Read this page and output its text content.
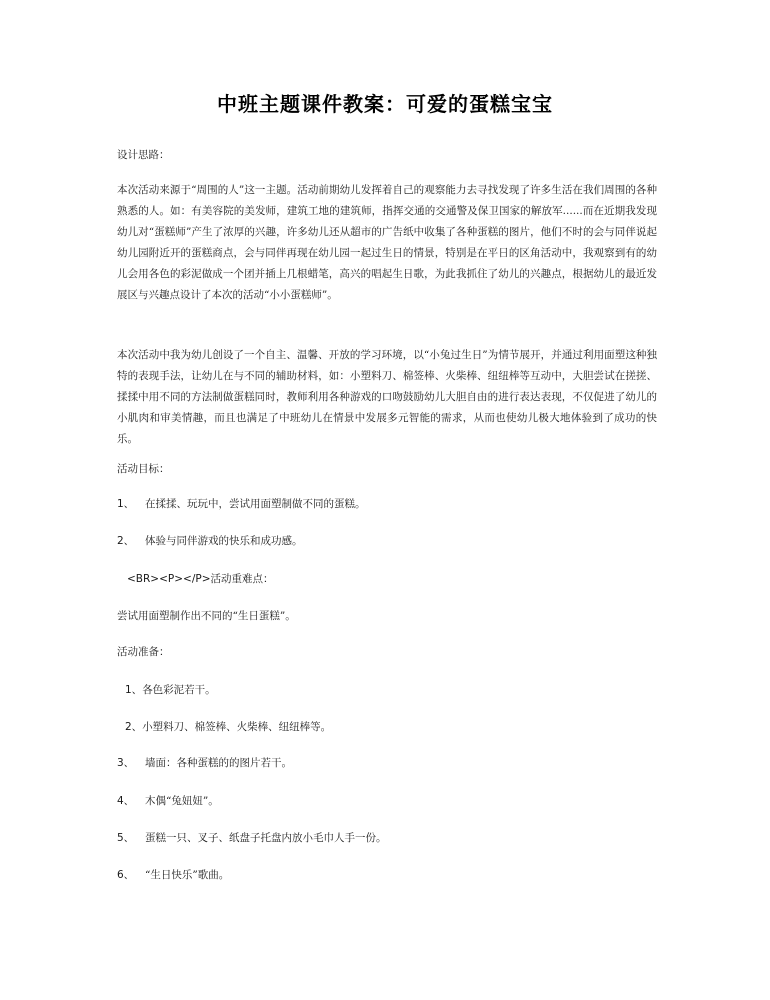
中班主题课件教案：可爱的蛋糕宝宝
设计思路：
本次活动来源于“周围的人”这一主题。活动前期幼儿发挥着自己的观察能力去寻找发现了许多生活在我们周围的各种熟悉的人。如：有美容院的美发师，建筑工地的建筑师，指挥交通的交通警及保卫国家的解放军......而在近期我发现幼儿对“蛋糕师”产生了浓厚的兴趣，许多幼儿还从超市的广告纸中收集了各种蛋糕的图片，他们不时的会与同伴说起幼儿园附近开的蛋糕商点，会与同伴再现在幼儿园一起过生日的情景，特别是在平日的区角活动中，我观察到有的幼儿会用各色的彩泥做成一个团并插上几根蜡笔，高兴的唱起生日歌，为此我抓住了幼儿的兴趣点，根据幼儿的最近发展区与兴趣点设计了本次的活动“小小蛋糕师”。
本次活动中我为幼儿创设了一个自主、温馨、开放的学习环境，以“小兔过生日”为情节展开，并通过利用面塑这种独特的表现手法，让幼儿在与不同的辅助材料，如：小塑料刀、棉签棒、火柴棒、纽纽棒等互动中，大胆尝试在搓搓、揉揉中用不同的方法制做蛋糕同时，教师利用各种游戏的口吻鼓励幼儿大胆自由的进行表达表现，不仅促进了幼儿的小肌肉和审美情趣，而且也满足了中班幼儿在情景中发展多元智能的需求，从而也使幼儿极大地体验到了成功的快乐。
活动目标：
1、 在揉揉、玩玩中，尝试用面塑制做不同的蛋糕。
2、 体验与同伴游戏的快乐和成功感。
<BR><P></P>活动重难点：
尝试用面塑制作出不同的“生日蛋糕”。
活动准备：
1、各色彩泥若干。
2、小塑料刀、棉签棒、火柴棒、纽纽棒等。
3、 墙面：各种蛋糕的的图片若干。
4、 木偶“兔妞妞”。
5、 蛋糕一只、叉子、纸盘子托盘内放小毛巾人手一份。
6、 “生日快乐”歌曲。
